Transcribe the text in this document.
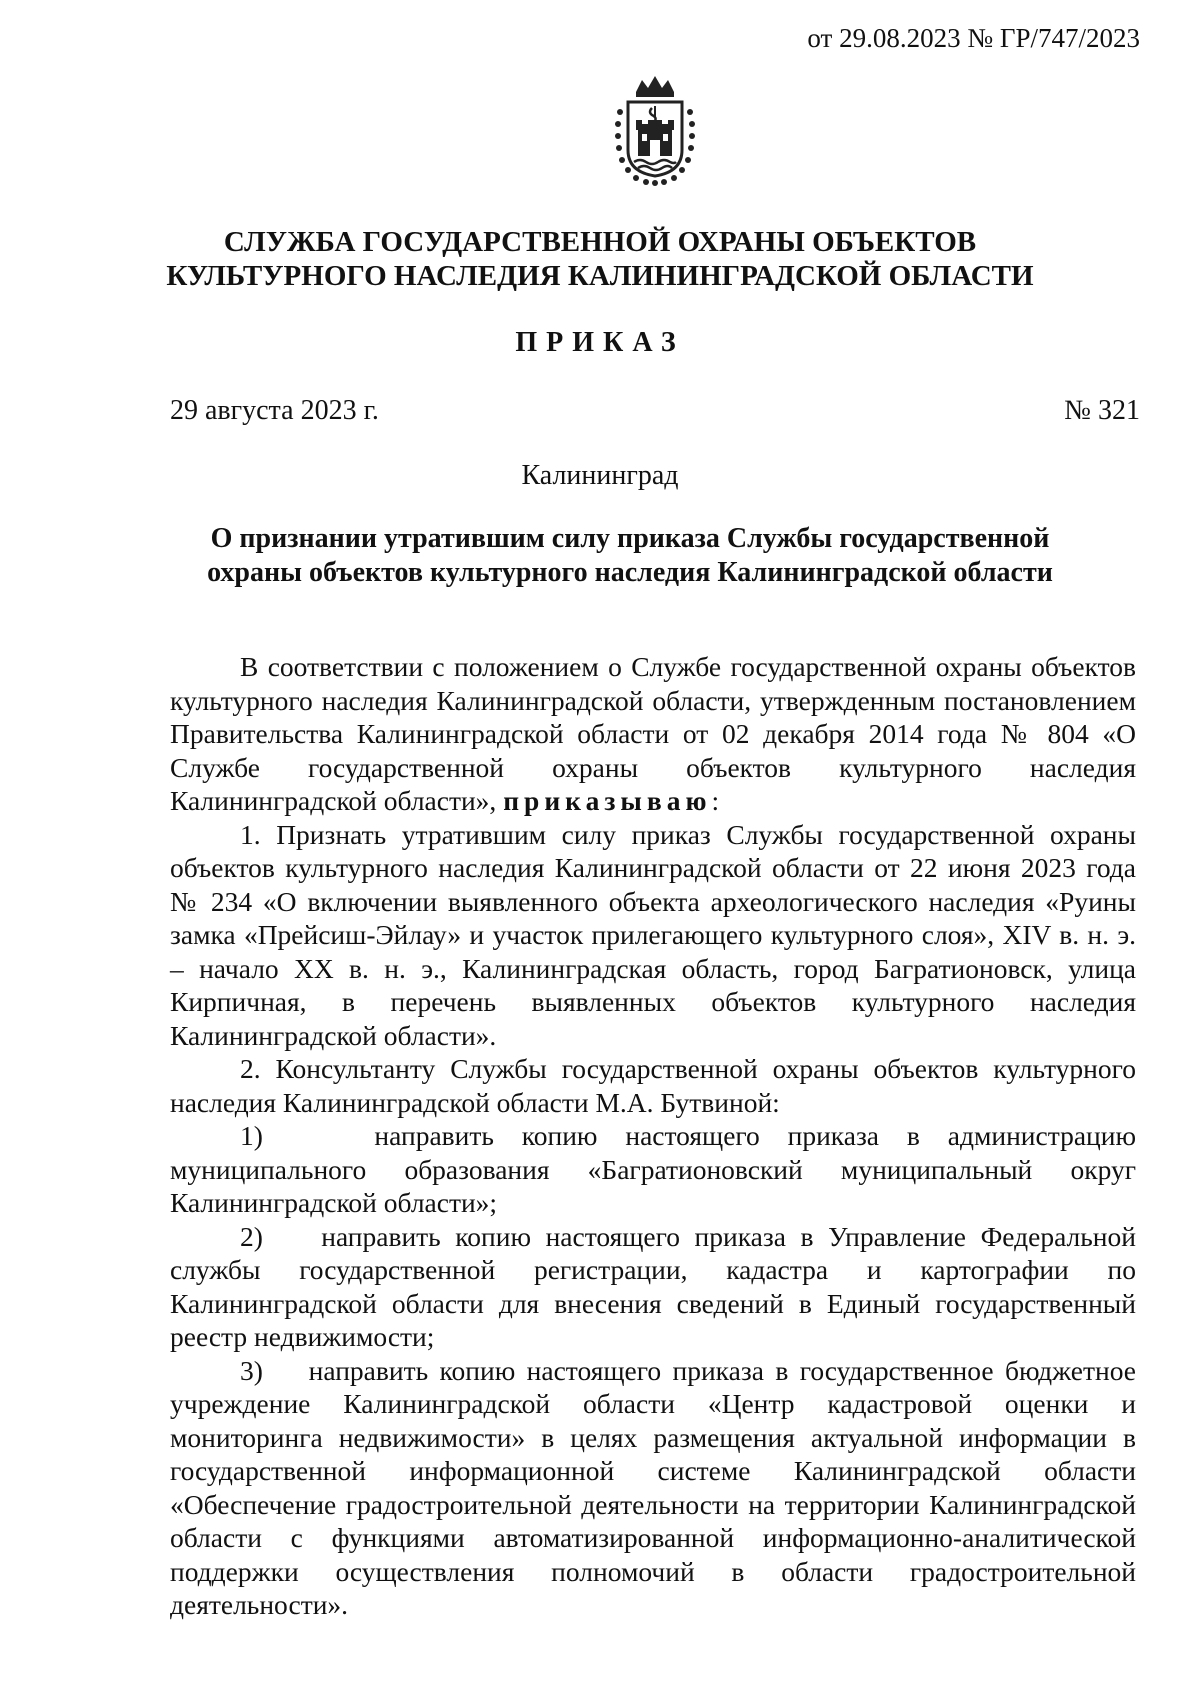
от 29.08.2023 № ГР/747/2023
СЛУЖБА ГОСУДАРСТВЕННОЙ ОХРАНЫ ОБЪЕКТОВ
КУЛЬТУРНОГО НАСЛЕДИЯ КАЛИНИНГРАДСКОЙ ОБЛАСТИ
ПРИКАЗ
29 августа 2023 г.	№ 321
Калининград
О признании утратившим силу приказа Службы государственной
охраны объектов культурного наследия Калининградской области

В соответствии с положением о Службе государственной охраны объектов культурного наследия Калининградской области, утвержденным постановлением Правительства Калининградской области от 02 декабря 2014 года № 804 «О Службе государственной охраны объектов культурного наследия Калининградской области», приказываю:

1. Признать утратившим силу приказ Службы государственной охраны объектов культурного наследия Калининградской области от 22 июня 2023 года № 234 «О включении выявленного объекта археологического наследия «Руины замка «Прейсиш-Эйлау» и участок прилегающего культурного слоя», XIV в. н. э. – начало XX в. н. э., Калининградская область, город Багратионовск, улица Кирпичная, в перечень выявленных объектов культурного наследия Калининградской области».

2. Консультанту Службы государственной охраны объектов культурного наследия Калининградской области М.А. Бутвиной:

1)    направить копию настоящего приказа в администрацию муниципального образования «Багратионовский муниципальный округ Калининградской области»;

2)    направить копию настоящего приказа в Управление Федеральной службы государственной регистрации, кадастра и картографии по Калининградской области для внесения сведений в Единый государственный реестр недвижимости;

3)    направить копию настоящего приказа в государственное бюджетное учреждение Калининградской области «Центр кадастровой оценки и мониторинга недвижимости» в целях размещения актуальной информации в государственной информационной системе Калининградской области «Обеспечение градостроительной деятельности на территории Калининградской области с функциями автоматизированной информационно-аналитической поддержки осуществления полномочий в области градостроительной деятельности».
